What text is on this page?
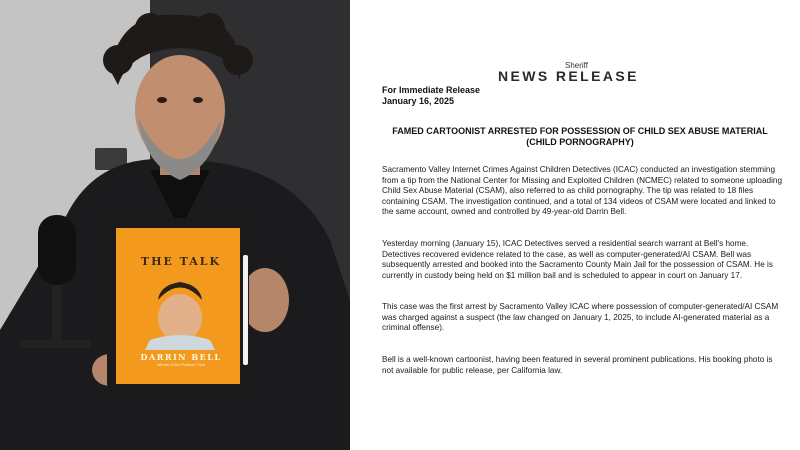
THE TALK
DARRIN BELL
Winner of the Pulitzer Prize
Sheriff
NEWS RELEASE
For Immediate Release
January 16, 2025
FAMED CARTOONIST ARRESTED FOR POSSESSION OF CHILD SEX ABUSE MATERIAL (CHILD PORNOGRAPHY)
Sacramento Valley Internet Crimes Against Children Detectives (ICAC) conducted an investigation stemming from a tip from the National Center for Missing and Exploited Children (NCMEC) related to someone uploading Child Sex Abuse Material (CSAM), also referred to as child pornography. The tip was related to 18 files containing CSAM. The investigation continued, and a total of 134 videos of CSAM were located and linked to the same account, owned and controlled by 49-year-old Darrin Bell.
Yesterday morning (January 15), ICAC Detectives served a residential search warrant at Bell's home. Detectives recovered evidence related to the case, as well as computer-generated/AI CSAM. Bell was subsequently arrested and booked into the Sacramento County Main Jail for the possession of CSAM. He is currently in custody being held on $1 million bail and is scheduled to appear in court on January 17.
This case was the first arrest by Sacramento Valley ICAC where possession of computer-generated/AI CSAM was charged against a suspect (the law changed on January 1, 2025, to include AI-generated material as a criminal offense).
Bell is a well-known cartoonist, having been featured in several prominent publications. His booking photo is not available for public release, per California law.
